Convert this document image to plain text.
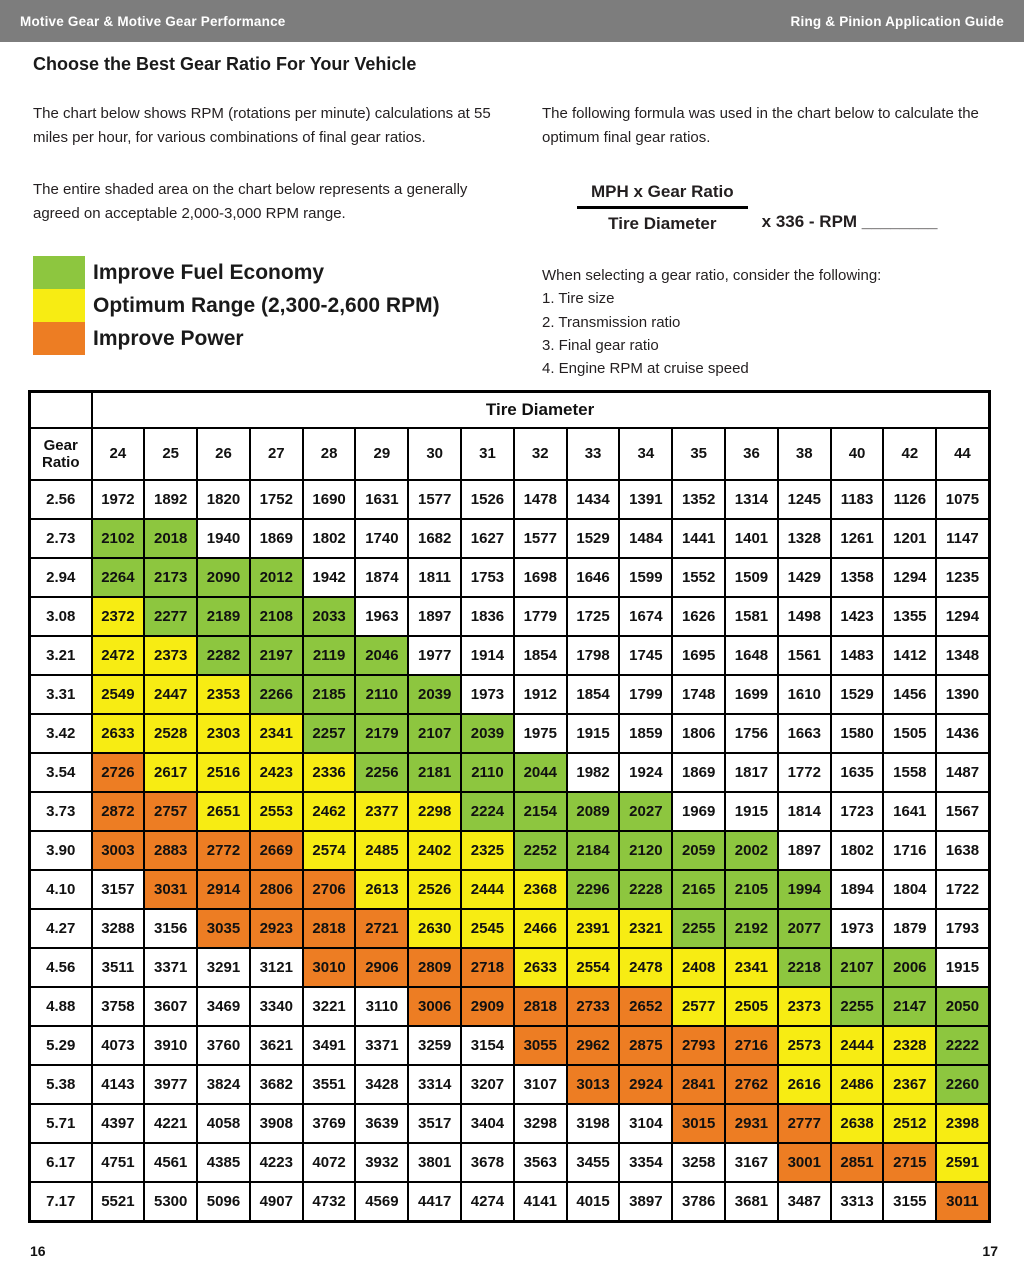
Motive Gear & Motive Gear Performance	Ring & Pinion Application Guide
Choose the Best Gear Ratio For Your Vehicle

The chart below shows RPM (rotations per minute) calculations at 55 miles per hour, for various combinations of final gear ratios.

The entire shaded area on the chart below represents a generally agreed on acceptable 2,000-3,000 RPM range.

Improve Fuel Economy
Optimum Range (2,300-2,600 RPM)
Improve Power

The following formula was used in the chart below to calculate the optimum final gear ratios.

$\frac{\text{MPH x Gear Ratio}}{\text{Tire Diameter}}$ x 336 - RPM ________

When selecting a gear ratio, consider the following:

1. Tire size

2. Transmission ratio

3. Final gear ratio

4. Engine RPM at cruise speed

	Tire Diameter																
Gear Ratio	24	25	26	27	28	29	30	31	32	33	34	35	36	38	40	42	44
2.56	1972	1892	1820	1752	1690	1631	1577	1526	1478	1434	1391	1352	1314	1245	1183	1126	1075
2.73	2102	2018	1940	1869	1802	1740	1682	1627	1577	1529	1484	1441	1401	1328	1261	1201	1147
2.94	2264	2173	2090	2012	1942	1874	1811	1753	1698	1646	1599	1552	1509	1429	1358	1294	1235
3.08	2372	2277	2189	2108	2033	1963	1897	1836	1779	1725	1674	1626	1581	1498	1423	1355	1294
3.21	2472	2373	2282	2197	2119	2046	1977	1914	1854	1798	1745	1695	1648	1561	1483	1412	1348
3.31	2549	2447	2353	2266	2185	2110	2039	1973	1912	1854	1799	1748	1699	1610	1529	1456	1390
3.42	2633	2528	2303	2341	2257	2179	2107	2039	1975	1915	1859	1806	1756	1663	1580	1505	1436
3.54	2726	2617	2516	2423	2336	2256	2181	2110	2044	1982	1924	1869	1817	1772	1635	1558	1487
3.73	2872	2757	2651	2553	2462	2377	2298	2224	2154	2089	2027	1969	1915	1814	1723	1641	1567
3.90	3003	2883	2772	2669	2574	2485	2402	2325	2252	2184	2120	2059	2002	1897	1802	1716	1638
4.10	3157	3031	2914	2806	2706	2613	2526	2444	2368	2296	2228	2165	2105	1994	1894	1804	1722
4.27	3288	3156	3035	2923	2818	2721	2630	2545	2466	2391	2321	2255	2192	2077	1973	1879	1793
4.56	3511	3371	3291	3121	3010	2906	2809	2718	2633	2554	2478	2408	2341	2218	2107	2006	1915
4.88	3758	3607	3469	3340	3221	3110	3006	2909	2818	2733	2652	2577	2505	2373	2255	2147	2050
5.29	4073	3910	3760	3621	3491	3371	3259	3154	3055	2962	2875	2793	2716	2573	2444	2328	2222
5.38	4143	3977	3824	3682	3551	3428	3314	3207	3107	3013	2924	2841	2762	2616	2486	2367	2260
5.71	4397	4221	4058	3908	3769	3639	3517	3404	3298	3198	3104	3015	2931	2777	2638	2512	2398
6.17	4751	4561	4385	4223	4072	3932	3801	3678	3563	3455	3354	3258	3167	3001	2851	2715	2591
7.17	5521	5300	5096	4907	4732	4569	4417	4274	4141	4015	3897	3786	3681	3487	3313	3155	3011
16	17
